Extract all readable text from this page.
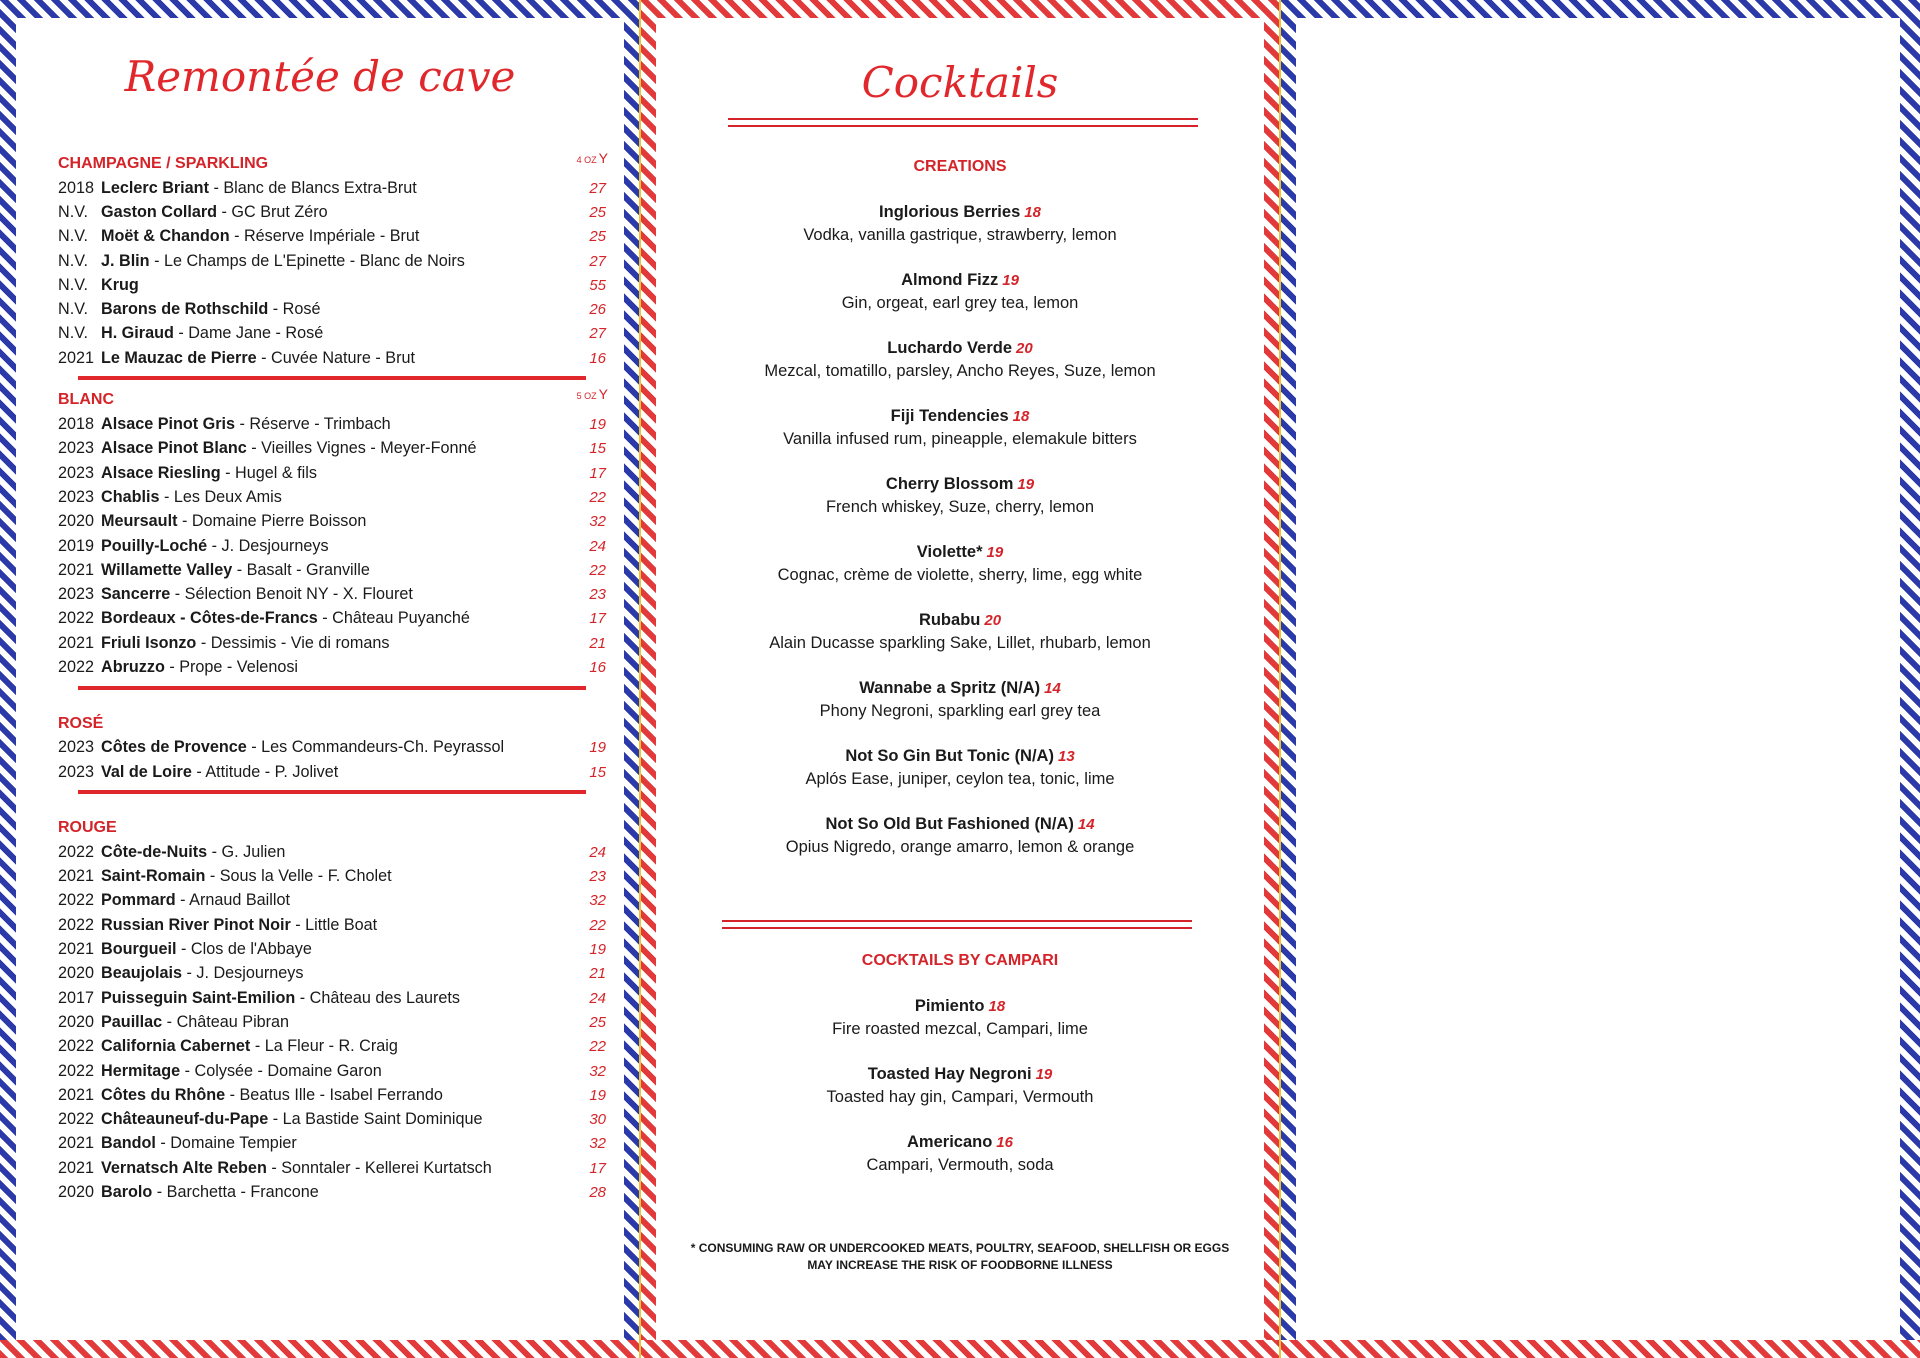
Remontée de cave
CHAMPAGNE / SPARKLING	4 OZ Y
2018 Leclerc Briant - Blanc de Blancs Extra-Brut	27
N.V. Gaston Collard - GC Brut Zéro	25
N.V. Moët & Chandon - Réserve Impériale - Brut	25
N.V. J. Blin - Le Champs de L'Epinette - Blanc de Noirs	27
N.V. Krug	55
N.V. Barons de Rothschild - Rosé	26
N.V. H. Giraud - Dame Jane - Rosé	27
2021 Le Mauzac de Pierre - Cuvée Nature - Brut	16
BLANC	5 OZ Y
2018 Alsace Pinot Gris - Réserve - Trimbach	19
2023 Alsace Pinot Blanc - Vieilles Vignes - Meyer-Fonné	15
2023 Alsace Riesling - Hugel & fils	17
2023 Chablis - Les Deux Amis	22
2020 Meursault - Domaine Pierre Boisson	32
2019 Pouilly-Loché - J. Desjourneys	24
2021 Willamette Valley - Basalt - Granville	22
2023 Sancerre - Sélection Benoit NY - X. Flouret	23
2022 Bordeaux - Côtes-de-Francs - Château Puyanché	17
2021 Friuli Isonzo - Dessimis - Vie di romans	21
2022 Abruzzo - Prope - Velenosi	16
ROSÉ
2023 Côtes de Provence - Les Commandeurs-Ch. Peyrassol	19
2023 Val de Loire - Attitude - P. Jolivet	15
ROUGE
2022 Côte-de-Nuits - G. Julien	24
2021 Saint-Romain - Sous la Velle - F. Cholet	23
2022 Pommard - Arnaud Baillot	32
2022 Russian River Pinot Noir - Little Boat	22
2021 Bourgueil - Clos de l'Abbaye	19
2020 Beaujolais - J. Desjourneys	21
2017 Puisseguin Saint-Emilion - Château des Laurets	24
2020 Pauillac - Château Pibran	25
2022 California Cabernet - La Fleur - R. Craig	22
2022 Hermitage - Colysée - Domaine Garon	32
2021 Côtes du Rhône - Beatus Ille - Isabel Ferrando	19
2022 Châteauneuf-du-Pape - La Bastide Saint Dominique	30
2021 Bandol - Domaine Tempier	32
2021 Vernatsch Alte Reben - Sonntaler - Kellerei Kurtatsch	17
2020 Barolo - Barchetta - Francone	28
Cocktails
CREATIONS
Inglorious Berries 18
Vodka, vanilla gastrique, strawberry, lemon
Almond Fizz 19
Gin, orgeat, earl grey tea, lemon
Luchardo Verde 20
Mezcal, tomatillo, parsley, Ancho Reyes, Suze, lemon
Fiji Tendencies 18
Vanilla infused rum, pineapple, elemakule bitters
Cherry Blossom 19
French whiskey, Suze, cherry, lemon
Violette* 19
Cognac, crème de violette, sherry, lime, egg white
Rubabu 20
Alain Ducasse sparkling Sake, Lillet, rhubarb, lemon
Wannabe a Spritz (N/A) 14
Phony Negroni, sparkling earl grey tea
Not So Gin But Tonic (N/A) 13
Aplós Ease, juniper, ceylon tea, tonic, lime
Not So Old But Fashioned (N/A) 14
Opius Nigredo, orange amarro, lemon & orange
COCKTAILS BY CAMPARI
Pimiento 18
Fire roasted mezcal, Campari, lime
Toasted Hay Negroni 19
Toasted hay gin, Campari, Vermouth
Americano 16
Campari, Vermouth, soda
* CONSUMING RAW OR UNDERCOOKED MEATS, POULTRY, SEAFOOD, SHELLFISH OR EGGS
MAY INCREASE THE RISK OF FOODBORNE ILLNESS
